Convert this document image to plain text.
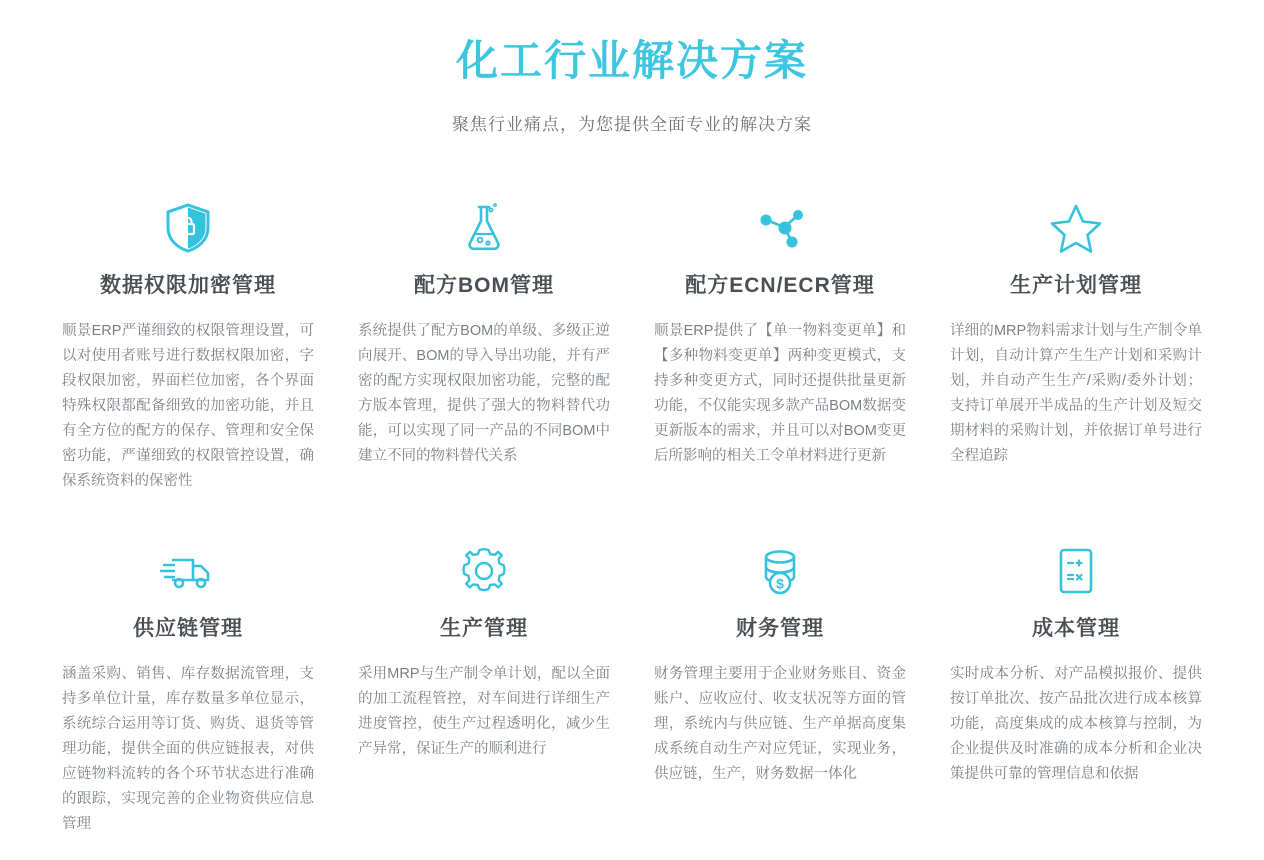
化工行业解决方案

聚焦行业痛点，为您提供全面专业的解决方案

数据权限加密管理
顺景ERP严谨细致的权限管理设置，可以对使用者账号进行数据权限加密，字段权限加密，界面栏位加密，各个界面特殊权限都配备细致的加密功能，并且有全方位的配方的保存、管理和安全保密功能，严谨细致的权限管控设置，确保系统资料的保密性
配方BOM管理
系统提供了配方BOM的单级、多级正逆向展开、BOM的导入导出功能，并有严密的配方实现权限加密功能，完整的配方版本管理，提供了强大的物料替代功能，可以实现了同一产品的不同BOM中建立不同的物料替代关系
配方ECN/ECR管理
顺景ERP提供了【单一物料变更单】和【多种物料变更单】两种变更模式，支持多种变更方式，同时还提供批量更新功能，不仅能实现多款产品BOM数据变更新版本的需求，并且可以对BOM变更后所影响的相关工令单材料进行更新
生产计划管理
详细的MRP物料需求计划与生产制令单计划，自动计算产生生产计划和采购计划，并自动产生生产/采购/委外计划；支持订单展开半成品的生产计划及短交期材料的采购计划，并依据订单号进行全程追踪
供应链管理
涵盖采购、销售、库存数据流管理，支持多单位计量，库存数量多单位显示，系统综合运用等订货、购货、退货等管理功能，提供全面的供应链报表，对供应链物料流转的各个环节状态进行准确的跟踪，实现完善的企业物资供应信息管理
生产管理
采用MRP与生产制令单计划，配以全面的加工流程管控，对车间进行详细生产进度管控，使生产过程透明化，减少生产异常，保证生产的顺利进行
$
财务管理
财务管理主要用于企业财务账目、资金账户、应收应付、收支状况等方面的管理，系统内与供应链、生产单据高度集成系统自动生产对应凭证，实现业务，供应链，生产，财务数据一体化
成本管理
实时成本分析、对产品模拟报价、提供按订单批次、按产品批次进行成本核算功能，高度集成的成本核算与控制，为企业提供及时准确的成本分析和企业决策提供可靠的管理信息和依据
